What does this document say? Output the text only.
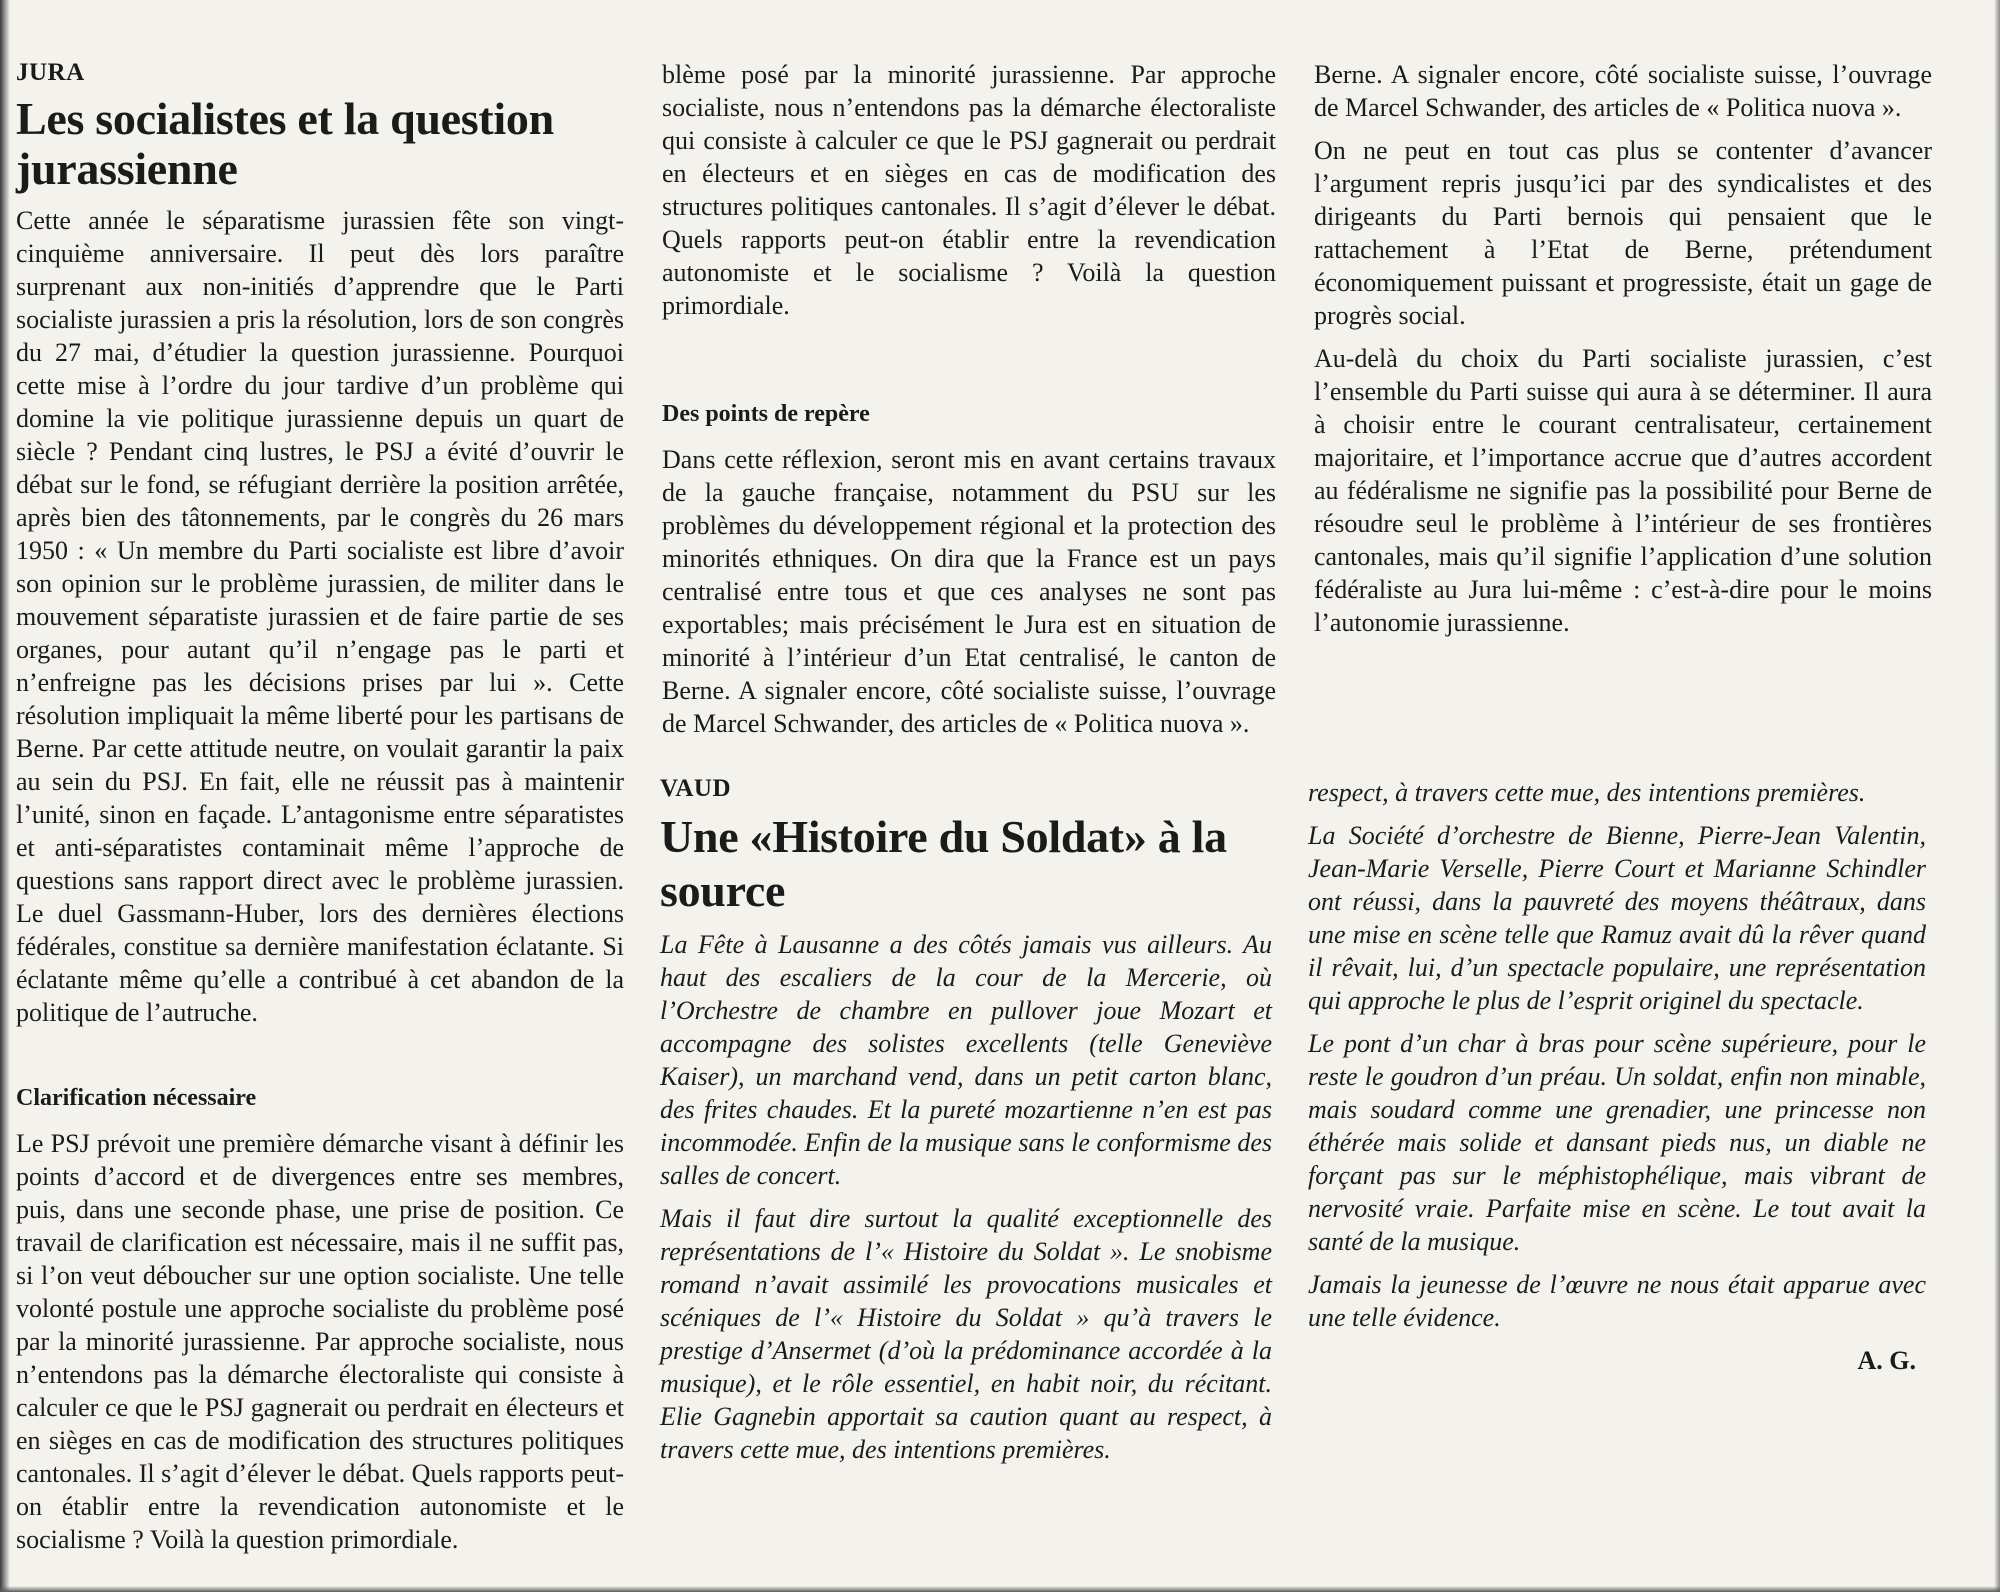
JURA
Les socialistes et la question jurassienne

Cette année le séparatisme jurassien fête son vingt-cinquième anniversaire. Il peut dès lors paraître surprenant aux non-initiés d’apprendre que le Parti socialiste jurassien a pris la résolution, lors de son congrès du 27 mai, d’étudier la question jurassienne. Pourquoi cette mise à l’ordre du jour tardive d’un problème qui domine la vie politique jurassienne depuis un quart de siècle ? Pendant cinq lustres, le PSJ a évité d’ouvrir le débat sur le fond, se réfugiant derrière la position arrêtée, après bien des tâtonnements, par le congrès du 26 mars 1950 : « Un membre du Parti socialiste est libre d’avoir son opinion sur le problème jurassien, de militer dans le mouvement séparatiste jurassien et de faire partie de ses organes, pour autant qu’il n’engage pas le parti et n’enfreigne pas les décisions prises par lui ». Cette résolution impliquait la même liberté pour les partisans de Berne. Par cette attitude neutre, on voulait garantir la paix au sein du PSJ. En fait, elle ne réussit pas à maintenir l’unité, sinon en façade. L’antagonisme entre séparatistes et anti-séparatistes contaminait même l’approche de questions sans rapport direct avec le problème jurassien. Le duel Gassmann-Huber, lors des dernières élections fédérales, constitue sa dernière manifestation éclatante. Si éclatante même qu’elle a contribué à cet abandon de la politique de l’autruche.

Clarification nécessaire

Le PSJ prévoit une première démarche visant à définir les points d’accord et de divergences entre ses membres, puis, dans une seconde phase, une prise de position. Ce travail de clarification est nécessaire, mais il ne suffit pas, si l’on veut déboucher sur une option socialiste. Une telle volonté postule une approche socialiste du problème posé par la minorité jurassienne. Par approche socialiste, nous n’entendons pas la démarche électoraliste qui consiste à calculer ce que le PSJ gagnerait ou perdrait en électeurs et en sièges en cas de modification des structures politiques cantonales. Il s’agit d’élever le débat. Quels rapports peut-on établir entre la revendication autonomiste et le socialisme ? Voilà la question primordiale.

blème posé par la minorité jurassienne. Par approche socialiste, nous n’entendons pas la démarche électoraliste qui consiste à calculer ce que le PSJ gagnerait ou perdrait en électeurs et en sièges en cas de modification des structures politiques cantonales. Il s’agit d’élever le débat. Quels rapports peut-on établir entre la revendication autonomiste et le socialisme ? Voilà la question primordiale.

Des points de repère

Dans cette réflexion, seront mis en avant certains travaux de la gauche française, notamment du PSU sur les problèmes du développement régional et la protection des minorités ethniques. On dira que la France est un pays centralisé entre tous et que ces analyses ne sont pas exportables; mais précisément le Jura est en situation de minorité à l’intérieur d’un Etat centralisé, le canton de Berne. A signaler encore, côté socialiste suisse, l’ouvrage de Marcel Schwander, des articles de « Politica nuova ».

Berne. A signaler encore, côté socialiste suisse, l’ouvrage de Marcel Schwander, des articles de « Politica nuova ».

On ne peut en tout cas plus se contenter d’avancer l’argument repris jusqu’ici par des syndicalistes et des dirigeants du Parti bernois qui pensaient que le rattachement à l’Etat de Berne, prétendument économiquement puissant et progressiste, était un gage de progrès social.

Au-delà du choix du Parti socialiste jurassien, c’est l’ensemble du Parti suisse qui aura à se déterminer. Il aura à choisir entre le courant centralisateur, certainement majoritaire, et l’importance accrue que d’autres accordent au fédéralisme ne signifie pas la possibilité pour Berne de résoudre seul le problème à l’intérieur de ses frontières cantonales, mais qu’il signifie l’application d’une solution fédéraliste au Jura lui-même : c’est-à-dire pour le moins l’autonomie jurassienne.

VAUD
Une «Histoire du Soldat» à la source

La Fête à Lausanne a des côtés jamais vus ailleurs. Au haut des escaliers de la cour de la Mercerie, où l’Orchestre de chambre en pullover joue Mozart et accompagne des solistes excellents (telle Geneviève Kaiser), un marchand vend, dans un petit carton blanc, des frites chaudes. Et la pureté mozartienne n’en est pas incommodée. Enfin de la musique sans le conformisme des salles de concert.

Mais il faut dire surtout la qualité exceptionnelle des représentations de l’« Histoire du Soldat ». Le snobisme romand n’avait assimilé les provocations musicales et scéniques de l’« Histoire du Soldat » qu’à travers le prestige d’Ansermet (d’où la prédominance accordée à la musique), et le rôle essentiel, en habit noir, du récitant. Elie Gagnebin apportait sa caution quant au respect, à travers cette mue, des intentions premières.

respect, à travers cette mue, des intentions premières.

La Société d’orchestre de Bienne, Pierre-Jean Valentin, Jean-Marie Verselle, Pierre Court et Marianne Schindler ont réussi, dans la pauvreté des moyens théâtraux, dans une mise en scène telle que Ramuz avait dû la rêver quand il rêvait, lui, d’un spectacle populaire, une représentation qui approche le plus de l’esprit originel du spectacle.

Le pont d’un char à bras pour scène supérieure, pour le reste le goudron d’un préau. Un soldat, enfin non minable, mais soudard comme une grenadier, une princesse non éthérée mais solide et dansant pieds nus, un diable ne forçant pas sur le méphistophélique, mais vibrant de nervosité vraie. Parfaite mise en scène. Le tout avait la santé de la musique.

Jamais la jeunesse de l’œuvre ne nous était apparue avec une telle évidence.

A. G.
